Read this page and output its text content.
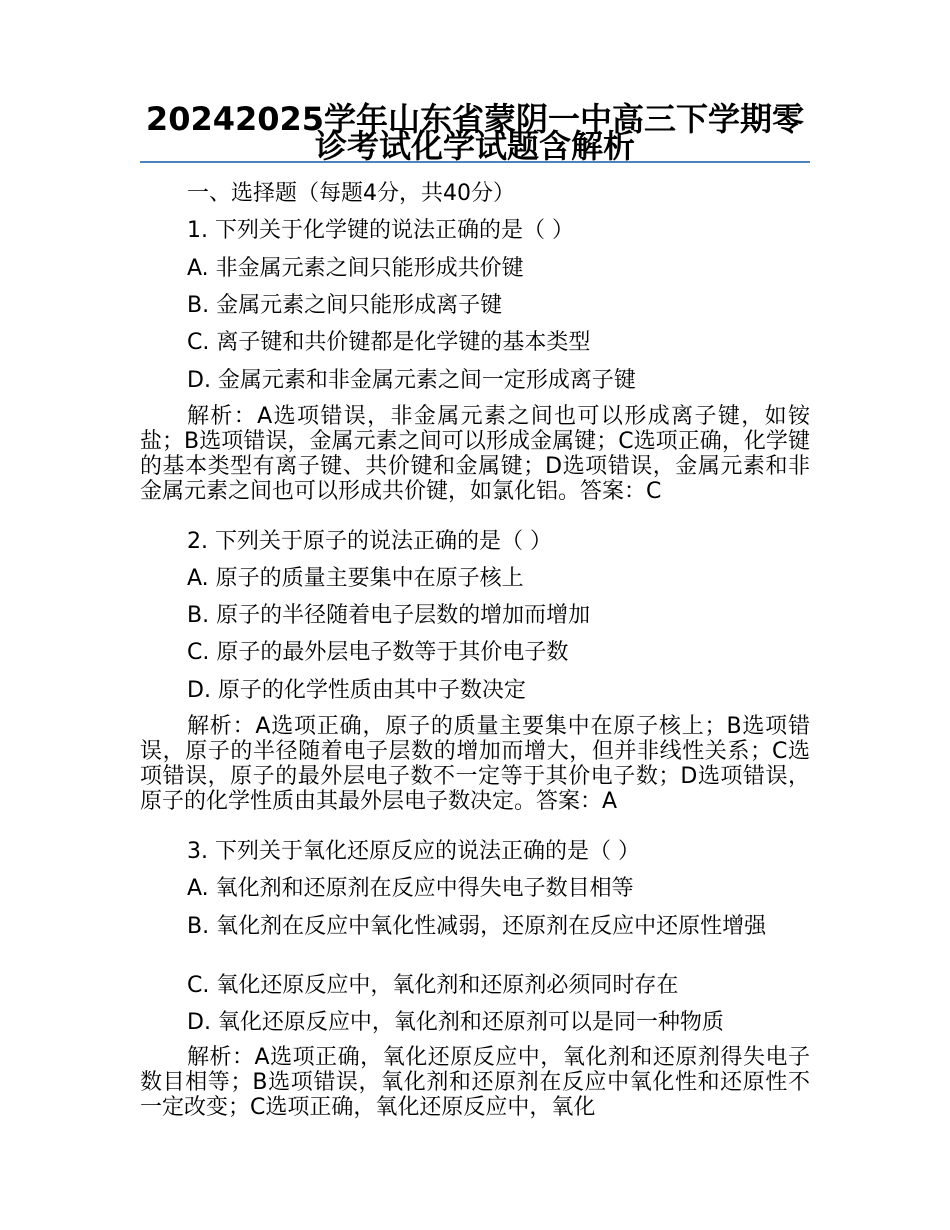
20242025学年山东省蒙阴一中高三下学期零诊考试化学试题含解析
一、选择题（每题4分，共40分）
1. 下列关于化学键的说法正确的是（ ）
A. 非金属元素之间只能形成共价键
B. 金属元素之间只能形成离子键
C. 离子键和共价键都是化学键的基本类型
D. 金属元素和非金属元素之间一定形成离子键

解析：A选项错误，非金属元素之间也可以形成离子键，如铵盐；B选项错误，金属元素之间可以形成金属键；C选项正确，化学键的基本类型有离子键、共价键和金属键；D选项错误，金属元素和非金属元素之间也可以形成共价键，如氯化铝。答案：C

2. 下列关于原子的说法正确的是（ ）
A. 原子的质量主要集中在原子核上
B. 原子的半径随着电子层数的增加而增加
C. 原子的最外层电子数等于其价电子数
D. 原子的化学性质由其中子数决定

解析：A选项正确，原子的质量主要集中在原子核上；B选项错误，原子的半径随着电子层数的增加而增大，但并非线性关系；C选项错误，原子的最外层电子数不一定等于其价电子数；D选项错误，原子的化学性质由其最外层电子数决定。答案：A

3. 下列关于氧化还原反应的说法正确的是（ ）
A. 氧化剂和还原剂在反应中得失电子数目相等

B. 氧化剂在反应中氧化性减弱，还原剂在反应中还原性增强

C. 氧化还原反应中，氧化剂和还原剂必须同时存在
D. 氧化还原反应中，氧化剂和还原剂可以是同一种物质

解析：A选项正确，氧化还原反应中，氧化剂和还原剂得失电子数目相等；B选项错误，氧化剂和还原剂在反应中氧化性和还原性不一定改变；C选项正确，氧化还原反应中，氧化
